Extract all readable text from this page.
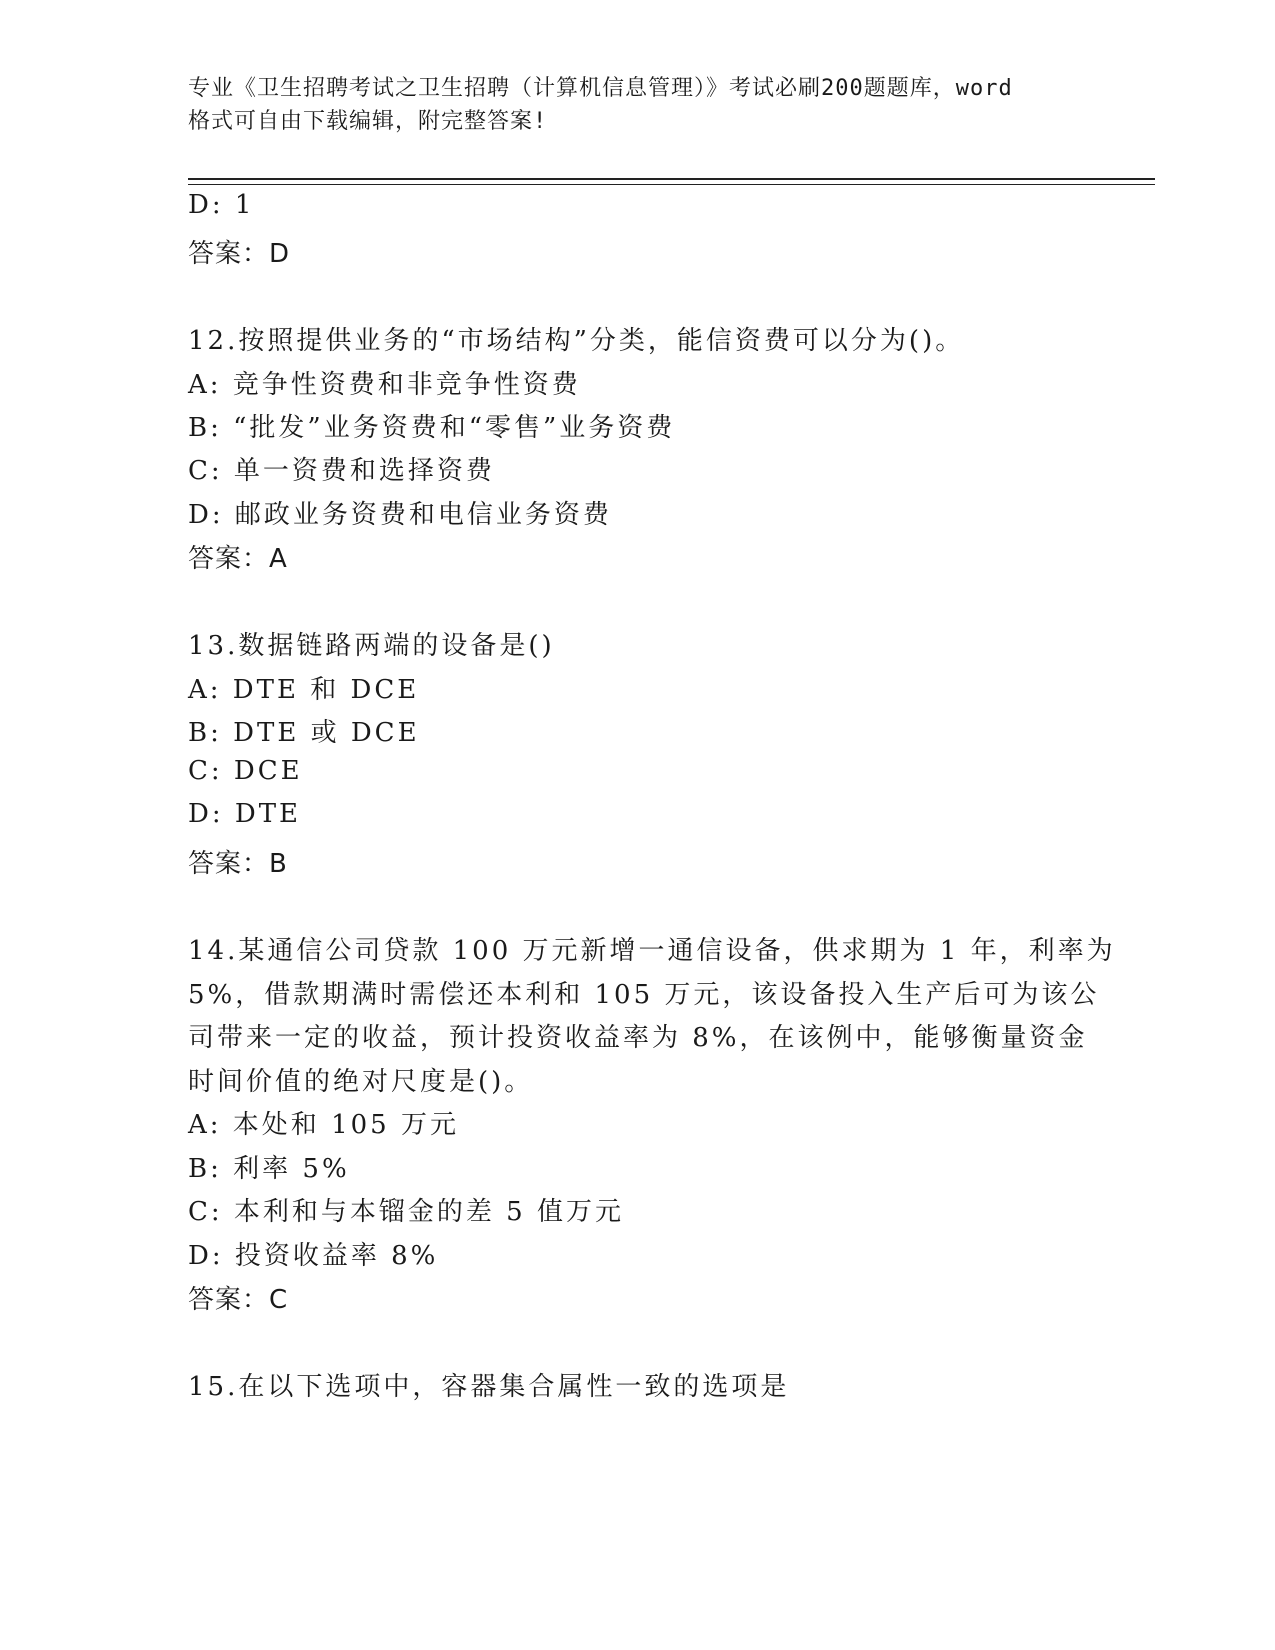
专业《卫生招聘考试之卫生招聘（计算机信息管理）》考试必刷200题题库，word
格式可自由下载编辑，附完整答案!
D: 1
答案：D
12.按照提供业务的“市场结构”分类，能信资费可以分为()。
A: 竞争性资费和非竞争性资费
B: “批发”业务资费和“零售”业务资费
C: 单一资费和选择资费
D: 邮政业务资费和电信业务资费
答案：A
13.数据链路两端的设备是()
A: DTE 和 DCE
B: DTE 或 DCE
C: DCE
D: DTE
答案：B
14.某通信公司贷款 100 万元新增一通信设备，供求期为 1 年，利率为
5%，借款期满时需偿还本利和 105 万元，该设备投入生产后可为该公
司带来一定的收益，预计投资收益率为 8%，在该例中，能够衡量资金
时间价值的绝对尺度是()。
A: 本处和 105 万元
B: 利率 5%
C: 本利和与本镏金的差 5 值万元
D: 投资收益率 8%
答案：C
15.在以下选项中，容器集合属性一致的选项是
